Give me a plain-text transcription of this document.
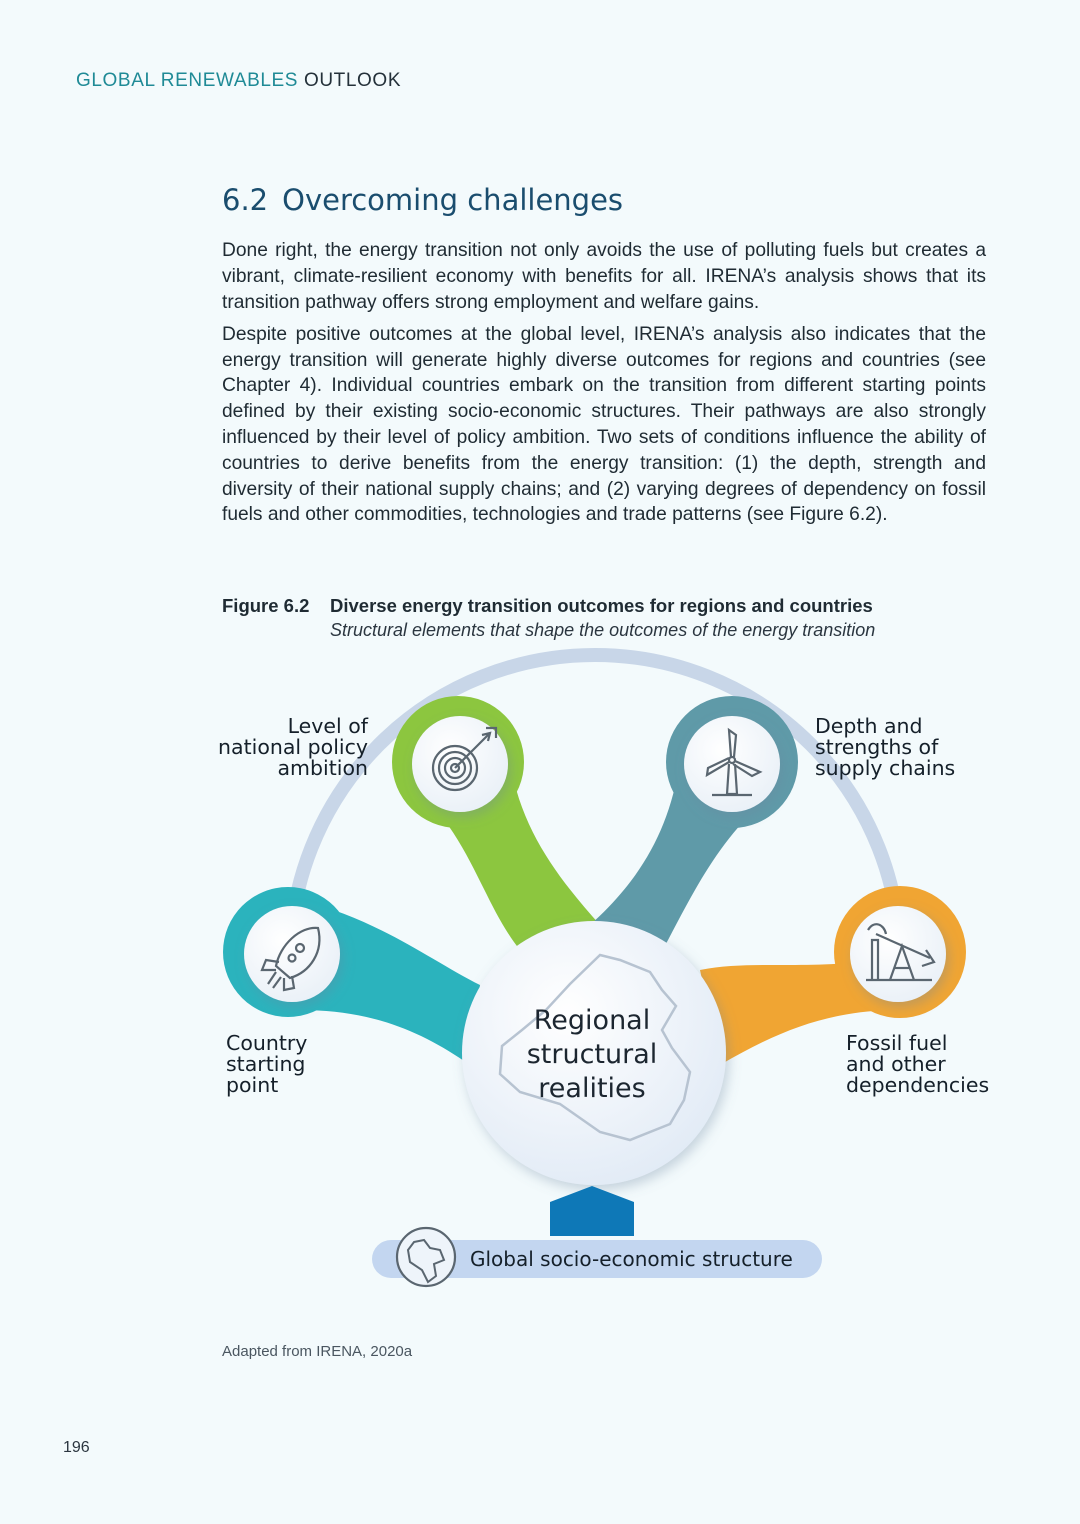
GLOBAL RENEWABLES OUTLOOK
6.2 Overcoming challenges

Done right, the energy transition not only avoids the use of polluting fuels but creates a vibrant, climate-resilient economy with benefits for all. IRENA’s analysis shows that its transition pathway offers strong employment and welfare gains.

Despite positive outcomes at the global level, IRENA’s analysis also indicates that the energy transition will generate highly diverse outcomes for regions and countries (see Chapter 4). Individual countries embark on the transition from different starting points defined by their existing socio-economic structures. Their pathways are also strongly influenced by their level of policy ambition. Two sets of conditions influence the ability of countries to derive benefits from the energy transition: (1) the depth, strength and diversity of their national supply chains; and (2) varying degrees of dependency on fossil fuels and other commodities, technologies and trade patterns (see Figure 6.2).

Figure 6.2 Diverse energy transition outcomes for regions and countries
Structural elements that shape the outcomes of the energy transition
Level of
national policy
ambition
Depth and
strengths of
supply chains
Country
starting
point
Fossil fuel
and other
dependencies
Regional
structural
realities
Global socio-economic structure
Adapted from IRENA, 2020a
196
